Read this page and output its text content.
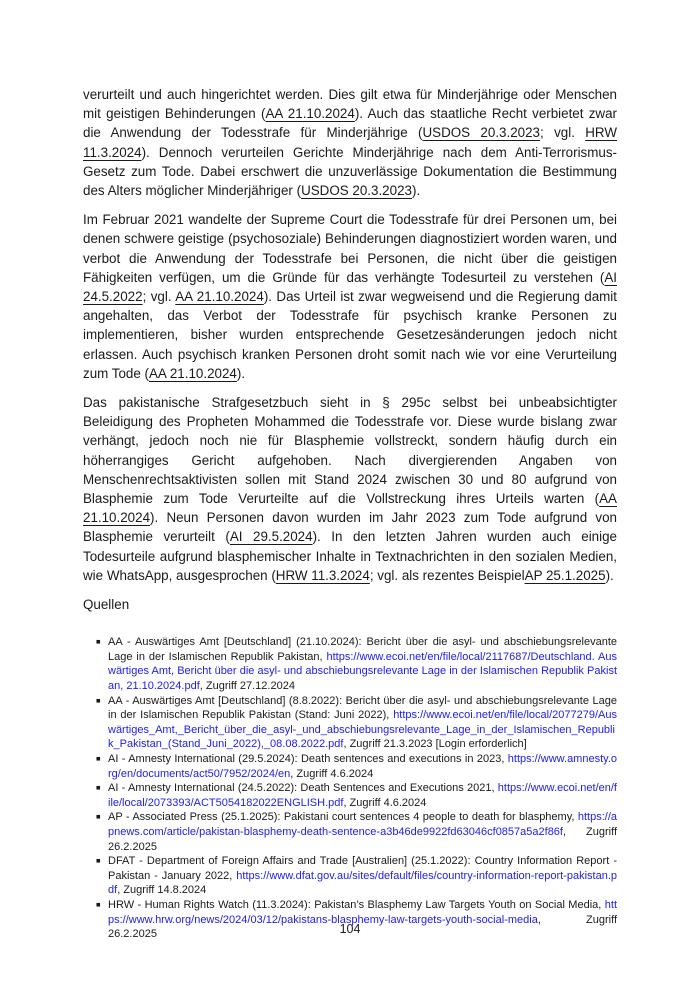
verurteilt und auch hingerichtet werden. Dies gilt etwa für Minderjährige oder Menschen mit geistigen Behinderungen (AA 21.10.2024). Auch das staatliche Recht verbietet zwar die Anwendung der Todesstrafe für Minderjährige (USDOS 20.3.2023; vgl. HRW 11.3.2024). Dennoch verurteilen Gerichte Minderjährige nach dem Anti-Terrorismus-Gesetz zum Tode. Dabei erschwert die unzuverlässige Dokumentation die Bestimmung des Alters möglicher Minderjähriger (USDOS 20.3.2023).

Im Februar 2021 wandelte der Supreme Court die Todesstrafe für drei Personen um, bei denen schwere geistige (psychosoziale) Behinderungen diagnostiziert worden waren, und verbot die Anwendung der Todesstrafe bei Personen, die nicht über die geistigen Fähigkeiten verfügen, um die Gründe für das verhängte Todesurteil zu verstehen (AI 24.5.2022; vgl. AA 21.10.2024). Das Urteil ist zwar wegweisend und die Regierung damit angehalten, das Verbot der Todesstrafe für psychisch kranke Personen zu implementieren, bisher wurden entsprechende Gesetzesänderungen jedoch nicht erlassen. Auch psychisch kranken Personen droht somit nach wie vor eine Verurteilung zum Tode (AA 21.10.2024).

Das pakistanische Strafgesetzbuch sieht in § 295c selbst bei unbeabsichtigter Beleidigung des Propheten Mohammed die Todesstrafe vor. Diese wurde bislang zwar verhängt, jedoch noch nie für Blasphemie vollstreckt, sondern häufig durch ein höherrangiges Gericht aufgehoben. Nach divergierenden Angaben von Menschenrechtsaktivisten sollen mit Stand 2024 zwischen 30 und 80 aufgrund von Blasphemie zum Tode Verurteilte auf die Vollstreckung ihres Urteils warten (AA 21.10.2024). Neun Personen davon wurden im Jahr 2023 zum Tode aufgrund von Blasphemie verurteilt (AI 29.5.2024). In den letzten Jahren wurden auch einige Todesurteile aufgrund blasphemischer Inhalte in Textnachrichten in den sozialen Medien, wie WhatsApp, ausgesprochen (HRW 11.3.2024; vgl. als rezentes BeispielAP 25.1.2025).

Quellen

■ AA - Auswärtiges Amt [Deutschland] (21.10.2024): Bericht über die asyl- und abschiebungsrelevante Lage in der Islamischen Republik Pakistan, https://www.ecoi.net/en/file/local/2117687/Deutschland. Auswärtiges Amt, Bericht über die asyl- und abschiebungsrelevante Lage in der Islamischen Republik Pakistan, 21.10.2024.pdf, Zugriff 27.12.2024
■ AA - Auswärtiges Amt [Deutschland] (8.8.2022): Bericht über die asyl- und abschiebungsrelevante Lage in der Islamischen Republik Pakistan (Stand: Juni 2022), https://www.ecoi.net/en/file/local/2077279/Auswärtiges_Amt,_Bericht_über_die_asyl-_und_abschiebungsrelevante_Lage_in_der_Islamischen_Republik_Pakistan_(Stand_Juni_2022),_08.08.2022.pdf, Zugriff 21.3.2023 [Login erforderlich]
■ AI - Amnesty International (29.5.2024): Death sentences and executions in 2023, https://www.amnesty.org/en/documents/act50/7952/2024/en, Zugriff 4.6.2024
■ AI - Amnesty International (24.5.2022): Death Sentences and Executions 2021, https://www.ecoi.net/en/file/local/2073393/ACT5054182022ENGLISH.pdf, Zugriff 4.6.2024
■ AP - Associated Press (25.1.2025): Pakistani court sentences 4 people to death for blasphemy, https://apnews.com/article/pakistan-blasphemy-death-sentence-a3b46de9922fd63046cf0857a5a2f86f, Zugriff 26.2.2025
■ DFAT - Department of Foreign Affairs and Trade [Australien] (25.1.2022): Country Information Report - Pakistan - January 2022, https://www.dfat.gov.au/sites/default/files/country-information-report-pakistan.pdf, Zugriff 14.8.2024
■ HRW - Human Rights Watch (11.3.2024): Pakistan’s Blasphemy Law Targets Youth on Social Media, https://www.hrw.org/news/2024/03/12/pakistans-blasphemy-law-targets-youth-social-media, Zugriff 26.2.2025	104
